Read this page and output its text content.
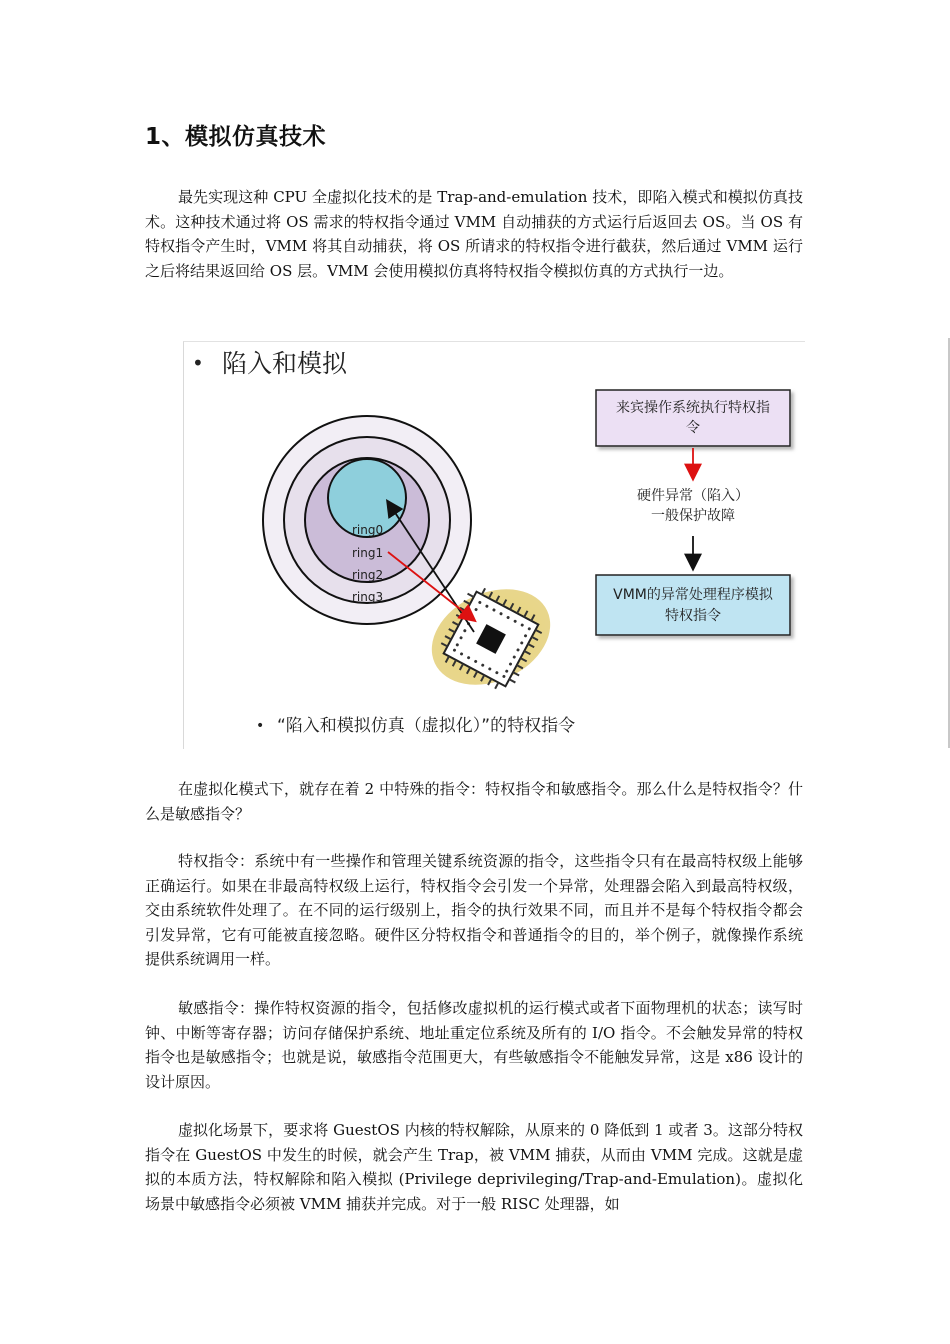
1、模拟仿真技术

最先实现这种 CPU 全虚拟化技术的是 Trap-and-emulation 技术，即陷入模式和模拟仿真技术。这种技术通过将 OS 需求的特权指令通过 VMM 自动捕获的方式运行后返回去 OS。当 OS 有特权指令产生时，VMM 将其自动捕获，将 OS 所请求的特权指令进行截获，然后通过 VMM 运行之后将结果返回给 OS 层。VMM 会使用模拟仿真将特权指令模拟仿真的方式执行一边。

• 陷入和模拟
ring0
ring1
ring2
ring3
来宾操作系统执行特权指
令
硬件异常（陷入）
一般保护故障
VMM的异常处理程序模拟
特权指令
• “陷入和模拟仿真（虚拟化）”的特权指令

在虚拟化模式下，就存在着 2 中特殊的指令：特权指令和敏感指令。那么什么是特权指令？什么是敏感指令？

特权指令：系统中有一些操作和管理关键系统资源的指令，这些指令只有在最高特权级上能够正确运行。如果在非最高特权级上运行，特权指令会引发一个异常，处理器会陷入到最高特权级，交由系统软件处理了。在不同的运行级别上，指令的执行效果不同，而且并不是每个特权指令都会引发异常，它有可能被直接忽略。硬件区分特权指令和普通指令的目的，举个例子，就像操作系统提供系统调用一样。

敏感指令：操作特权资源的指令，包括修改虚拟机的运行模式或者下面物理机的状态；读写时钟、中断等寄存器；访问存储保护系统、地址重定位系统及所有的 I/O 指令。不会触发异常的特权指令也是敏感指令；也就是说，敏感指令范围更大，有些敏感指令不能触发异常，这是 x86 设计的设计原因。

虚拟化场景下，要求将 GuestOS 内核的特权解除，从原来的 0 降低到 1 或者 3。这部分特权指令在 GuestOS 中发生的时候，就会产生 Trap，被 VMM 捕获，从而由 VMM 完成。这就是虚拟的本质方法，特权解除和陷入模拟 (Privilege deprivileging/Trap-and-Emulation)。虚拟化场景中敏感指令必须被 VMM 捕获并完成。对于一般 RISC 处理器，如
